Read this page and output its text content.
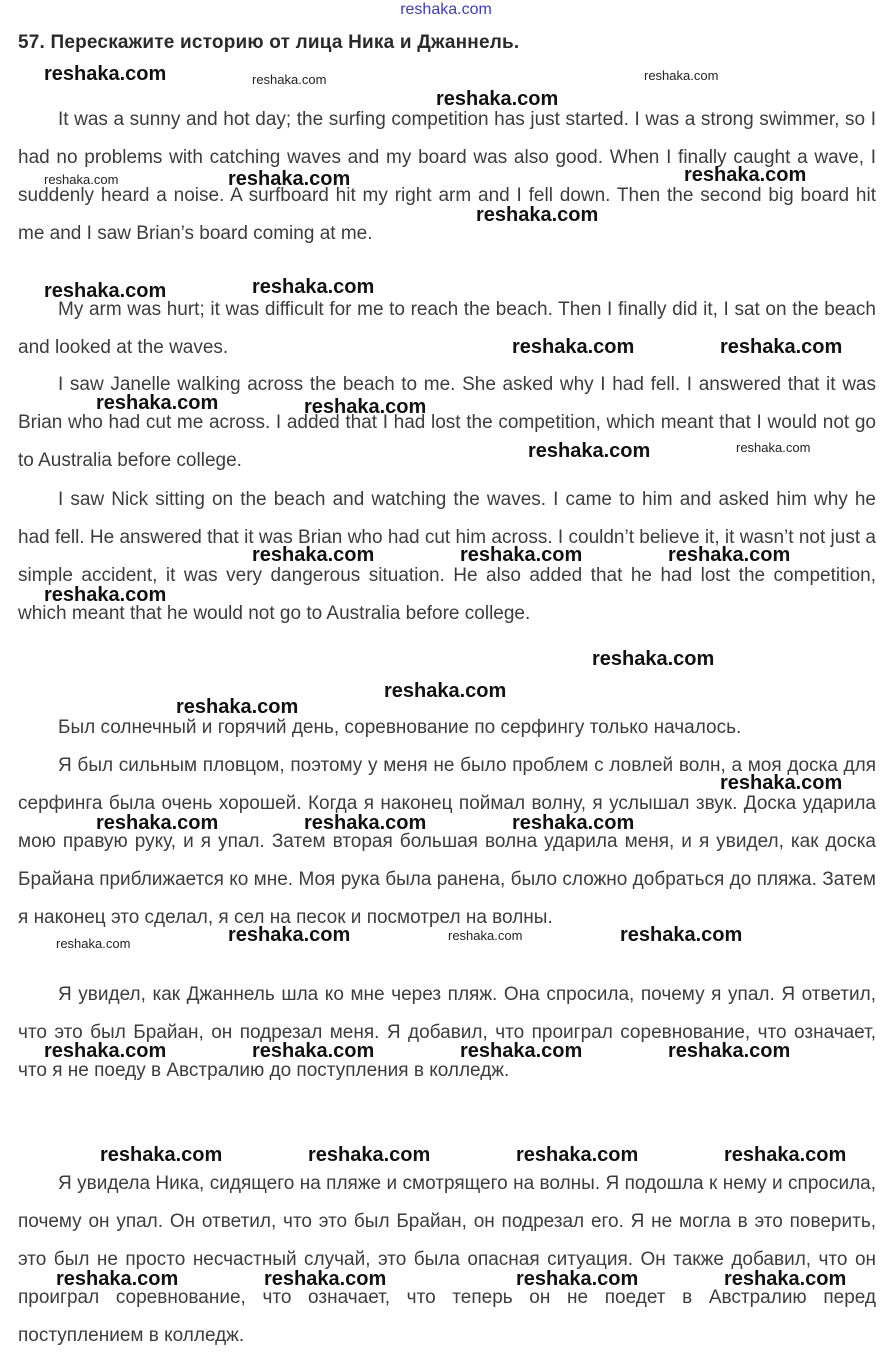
reshaka.com
57. Перескажите историю от лица Ника и Джаннель.

It was a sunny and hot day; the surfing competition has just started. I was a strong swimmer, so I had no problems with catching waves and my board was also good. When I finally caught a wave, I suddenly heard a noise. A surfboard hit my right arm and I fell down. Then the second big board hit me and I saw Brian’s board coming at me.

My arm was hurt; it was difficult for me to reach the beach. Then I finally did it, I sat on the beach and looked at the waves.

I saw Janelle walking across the beach to me. She asked why I had fell. I answered that it was Brian who had cut me across. I added that I had lost the competition, which meant that I would not go to Australia before college.

I saw Nick sitting on the beach and watching the waves. I came to him and asked him why he had fell. He answered that it was Brian who had cut him across. I couldn’t believe it, it wasn’t not just a simple accident, it was very dangerous situation. He also added that he had lost the competition, which meant that he would not go to Australia before college.

Был солнечный и горячий день, соревнование по серфингу только началось.

Я был сильным пловцом, поэтому у меня не было проблем с ловлей волн, а моя доска для серфинга была очень хорошей. Когда я наконец поймал волну, я услышал звук. Доска ударила мою правую руку, и я упал. Затем вторая большая волна ударила меня, и я увидел, как доска Брайана приближается ко мне. Моя рука была ранена, было сложно добраться до пляжа. Затем я наконец это сделал, я сел на песок и посмотрел на волны.

Я увидел, как Джаннель шла ко мне через пляж. Она спросила, почему я упал. Я ответил, что это был Брайан, он подрезал меня. Я добавил, что проиграл соревнование, что означает, что я не поеду в Австралию до поступления в колледж.

Я увидела Ника, сидящего на пляже и смотрящего на волны. Я подошла к нему и спросила, почему он упал. Он ответил, что это был Брайан, он подрезал его. Я не могла в это поверить, это был не просто несчастный случай, это была опасная ситуация. Он также добавил, что он проиграл соревнование, что означает, что теперь он не поедет в Австралию перед поступлением в колледж.

reshaka.com	reshaka.com	reshaka.com
reshaka.com
reshaka.com	reshaka.com	reshaka.com
reshaka.com
reshaka.com	reshaka.com
reshaka.com	reshaka.com
reshaka.com	reshaka.com
reshaka.com	reshaka.com
reshaka.com	reshaka.com	reshaka.com
reshaka.com
reshaka.com
reshaka.com
reshaka.com
reshaka.com
reshaka.com	reshaka.com	reshaka.com
reshaka.com	reshaka.com	reshaka.com	reshaka.com
reshaka.com	reshaka.com	reshaka.com	reshaka.com
reshaka.com	reshaka.com	reshaka.com	reshaka.com
reshaka.com	reshaka.com	reshaka.com	reshaka.com
